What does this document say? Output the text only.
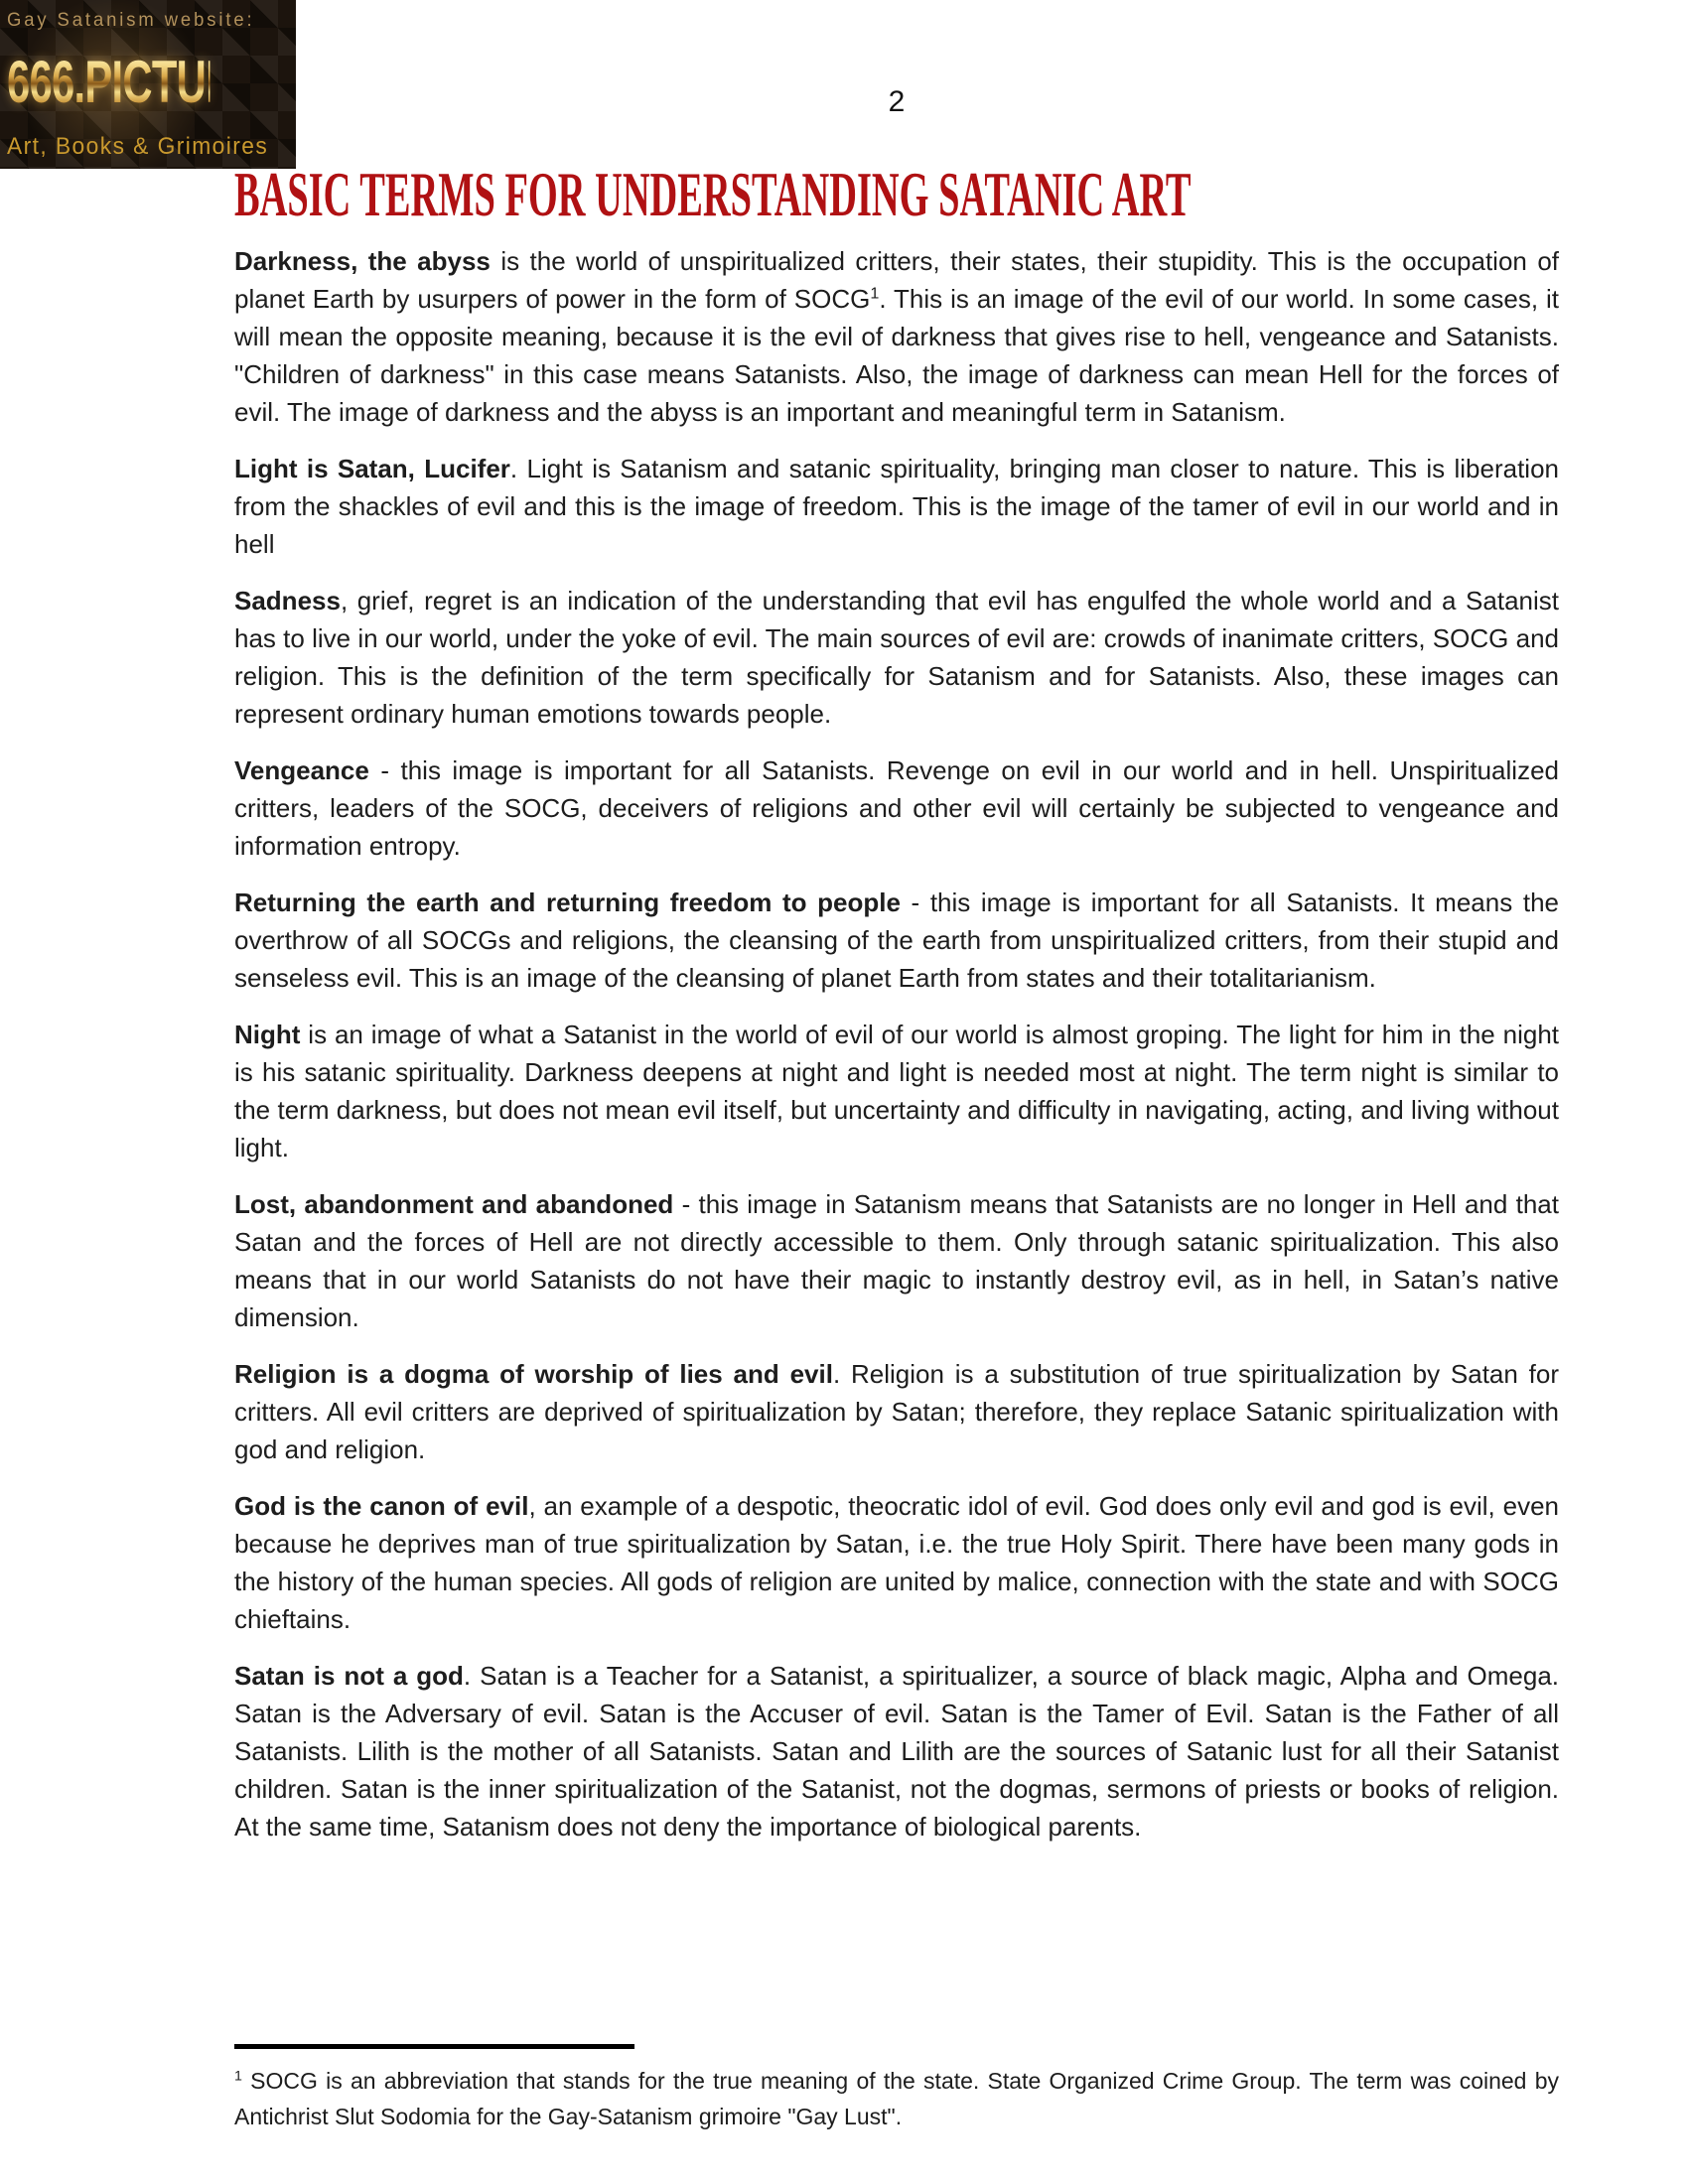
Gay Satanism website:
666.PICTURES
Art, Books & Grimoires
2
BASIC TERMS FOR UNDERSTANDING SATANIC ART

Darkness, the abyss is the world of unspiritualized critters, their states, their stupidity. This is the occupation of planet Earth by usurpers of power in the form of SOCG$^1$. This is an image of the evil of our world. In some cases, it will mean the opposite meaning, because it is the evil of darkness that gives rise to hell, vengeance and Satanists. "Children of darkness" in this case means Satanists. Also, the image of darkness can mean Hell for the forces of evil. The image of darkness and the abyss is an important and meaningful term in Satanism.

Light is Satan, Lucifer. Light is Satanism and satanic spirituality, bringing man closer to nature. This is liberation from the shackles of evil and this is the image of freedom. This is the image of the tamer of evil in our world and in hell

Sadness, grief, regret is an indication of the understanding that evil has engulfed the whole world and a Satanist has to live in our world, under the yoke of evil. The main sources of evil are: crowds of inanimate critters, SOCG and religion. This is the definition of the term specifically for Satanism and for Satanists. Also, these images can represent ordinary human emotions towards people.

Vengeance - this image is important for all Satanists. Revenge on evil in our world and in hell. Unspiritualized critters, leaders of the SOCG, deceivers of religions and other evil will certainly be subjected to vengeance and information entropy.

Returning the earth and returning freedom to people - this image is important for all Satanists. It means the overthrow of all SOCGs and religions, the cleansing of the earth from unspiritualized critters, from their stupid and senseless evil. This is an image of the cleansing of planet Earth from states and their totalitarianism.

Night is an image of what a Satanist in the world of evil of our world is almost groping. The light for him in the night is his satanic spirituality. Darkness deepens at night and light is needed most at night. The term night is similar to the term darkness, but does not mean evil itself, but uncertainty and difficulty in navigating, acting, and living without light.

Lost, abandonment and abandoned - this image in Satanism means that Satanists are no longer in Hell and that Satan and the forces of Hell are not directly accessible to them. Only through satanic spiritualization. This also means that in our world Satanists do not have their magic to instantly destroy evil, as in hell, in Satan’s native dimension.

Religion is a dogma of worship of lies and evil. Religion is a substitution of true spiritualization by Satan for critters. All evil critters are deprived of spiritualization by Satan; therefore, they replace Satanic spiritualization with god and religion.

God is the canon of evil, an example of a despotic, theocratic idol of evil. God does only evil and god is evil, even because he deprives man of true spiritualization by Satan, i.e. the true Holy Spirit. There have been many gods in the history of the human species. All gods of religion are united by malice, connection with the state and with SOCG chieftains.

Satan is not a god. Satan is a Teacher for a Satanist, a spiritualizer, a source of black magic, Alpha and Omega. Satan is the Adversary of evil. Satan is the Accuser of evil. Satan is the Tamer of Evil. Satan is the Father of all Satanists. Lilith is the mother of all Satanists. Satan and Lilith are the sources of Satanic lust for all their Satanist children. Satan is the inner spiritualization of the Satanist, not the dogmas, sermons of priests or books of religion. At the same time, Satanism does not deny the importance of biological parents.

$^1$ SOCG is an abbreviation that stands for the true meaning of the state. State Organized Crime Group. The term was coined by Antichrist Slut Sodomia for the Gay-Satanism grimoire "Gay Lust".
